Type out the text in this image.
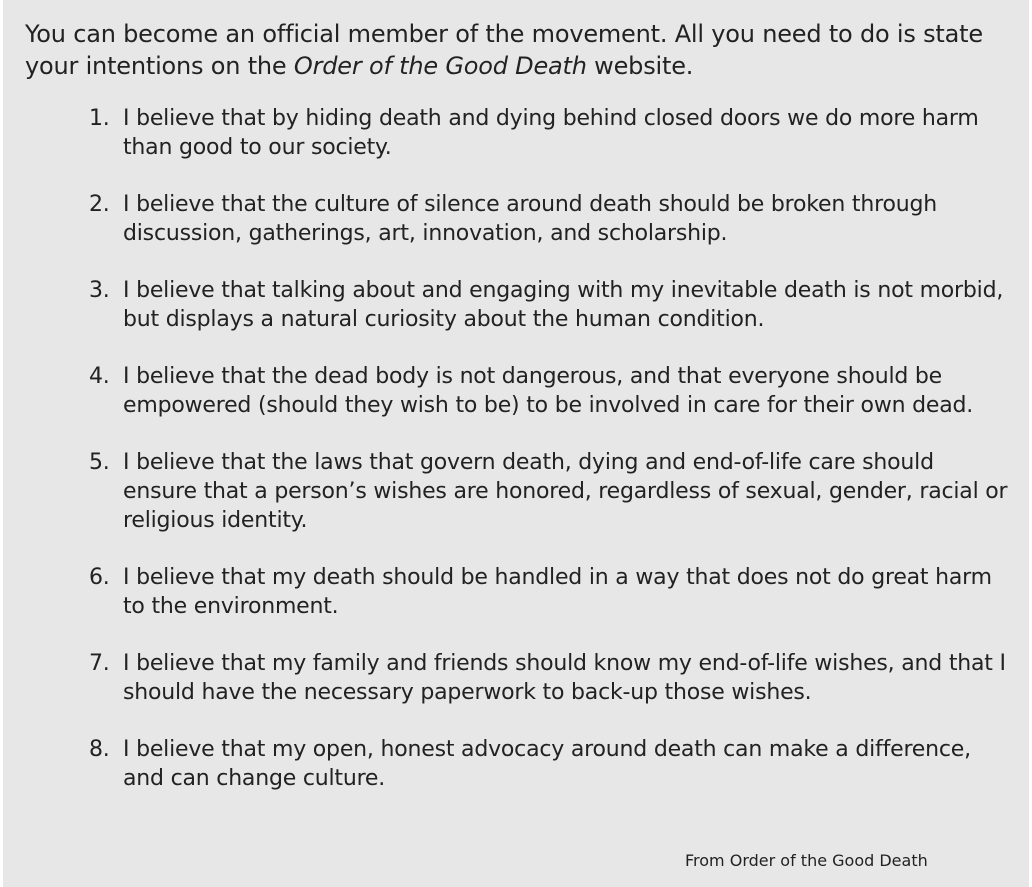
You can become an official member of the movement. All you need to do is state your intentions on the Order of the Good Death website.

1. I believe that by hiding death and dying behind closed doors we do more harm than good to our society.
2. I believe that the culture of silence around death should be broken through discussion, gatherings, art, innovation, and scholarship.
3. I believe that talking about and engaging with my inevitable death is not morbid, but displays a natural curiosity about the human condition.
4. I believe that the dead body is not dangerous, and that everyone should be empowered (should they wish to be) to be involved in care for their own dead.
5. I believe that the laws that govern death, dying and end-of-life care should ensure that a person’s wishes are honored, regardless of sexual, gender, racial or religious identity.
6. I believe that my death should be handled in a way that does not do great harm to the environment.
7. I believe that my family and friends should know my end-of-life wishes, and that I should have the necessary paperwork to back-up those wishes.
8. I believe that my open, honest advocacy around death can make a difference, and can change culture.
From Order of the Good Death
